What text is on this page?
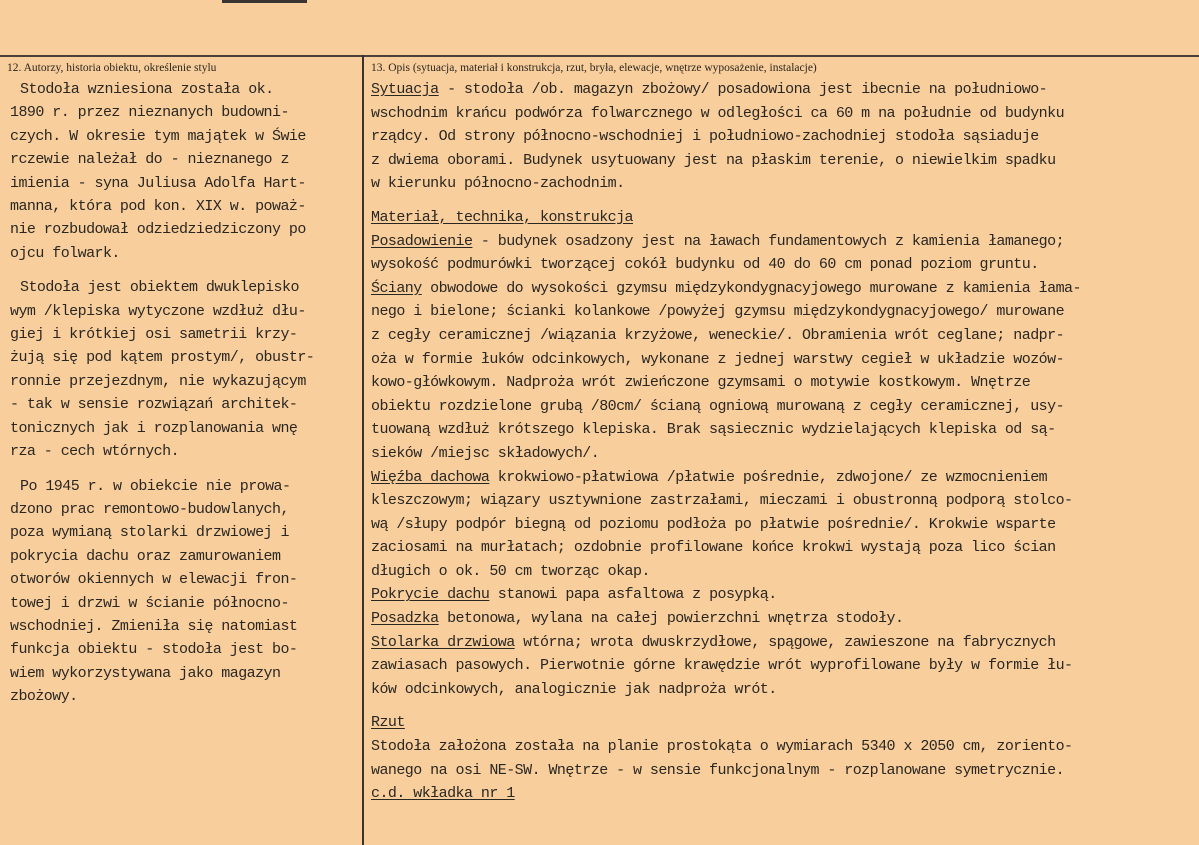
12. Autorzy, historia obiektu, określenie stylu	13. Opis (sytuacja, materiał i konstrukcja, rzut, bryła, elewacje, wnętrze wyposażenie, instalacje)

Stodoła wzniesiona została ok.

1890 r. przez nieznanych budowni-

czych. W okresie tym majątek w Świe

rczewie należał do - nieznanego z

imienia - syna Juliusa Adolfa Hart-

manna, która pod kon. XIX w. poważ-

nie rozbudował odziedziedziczony po

ojcu folwark.

Stodoła jest obiektem dwuklepisko

wym /klepiska wytyczone wzdłuż dłu-

giej i krótkiej osi sametrii krzy-

żują się pod kątem prostym/, obustr-

ronnie przejezdnym, nie wykazującym

- tak w sensie rozwiązań architek-

tonicznych jak i rozplanowania wnę

rza - cech wtórnych.

Po 1945 r. w obiekcie nie prowa-

dzono prac remontowo-budowlanych,

poza wymianą stolarki drzwiowej i

pokrycia dachu oraz zamurowaniem

otworów okiennych w elewacji fron-

towej i drzwi w ścianie północno-

wschodniej. Zmieniła się natomiast

funkcja obiektu - stodoła jest bo-

wiem wykorzystywana jako magazyn

zbożowy.

Sytuacja - stodoła /ob. magazyn zbożowy/ posadowiona jest ibecnie na południowo-
wschodnim krańcu podwórza folwarcznego w odległości ca 60 m na południe od budynku
rządcy. Od strony północno-wschodniej i południowo-zachodniej stodoła sąsiaduje
z dwiema oborami. Budynek usytuowany jest na płaskim terenie, o niewielkim spadku
w kierunku północno-zachodnim.
Materiał, technika, konstrukcja
Posadowienie - budynek osadzony jest na ławach fundamentowych z kamienia łamanego;
wysokość podmurówki tworzącej cokół budynku od 40 do 60 cm ponad poziom gruntu.
Ściany obwodowe do wysokości gzymsu międzykondygnacyjowego murowane z kamienia łama-
nego i bielone; ścianki kolankowe /powyżej gzymsu międzykondygnacyjowego/ murowane
z cegły ceramicznej /wiązania krzyżowe, weneckie/. Obramienia wrót ceglane; nadpr-
oża w formie łuków odcinkowych, wykonane z jednej warstwy cegieł w układzie wozów-
kowo-główkowym. Nadproża wrót zwieńczone gzymsami o motywie kostkowym. Wnętrze
obiektu rozdzielone grubą /80cm/ ścianą ogniową murowaną z cegły ceramicznej, usy-
tuowaną wzdłuż krótszego klepiska. Brak sąsiecznic wydzielających klepiska od są-
sieków /miejsc składowych/.
Więźba dachowa krokwiowo-płatwiowa /płatwie pośrednie, zdwojone/ ze wzmocnieniem
kleszczowym; wiązary usztywnione zastrzałami, mieczami i obustronną podporą stolco-
wą /słupy podpór biegną od poziomu podłoża po płatwie pośrednie/. Krokwie wsparte
zaciosami na murłatach; ozdobnie profilowane końce krokwi wystają poza lico ścian
długich o ok. 50 cm tworząc okap.
Pokrycie dachu stanowi papa asfaltowa z posypką.
Posadzka betonowa, wylana na całej powierzchni wnętrza stodoły.
Stolarka drzwiowa wtórna; wrota dwuskrzydłowe, spągowe, zawieszone na fabrycznych
zawiasach pasowych. Pierwotnie górne krawędzie wrót wyprofilowane były w formie łu-
ków odcinkowych, analogicznie jak nadproża wrót.
Rzut
Stodoła założona została na planie prostokąta o wymiarach 5340 x 2050 cm, zoriento-
wanego na osi NE-SW. Wnętrze - w sensie funkcjonalnym - rozplanowane symetrycznie.
c.d. wkładka nr 1
